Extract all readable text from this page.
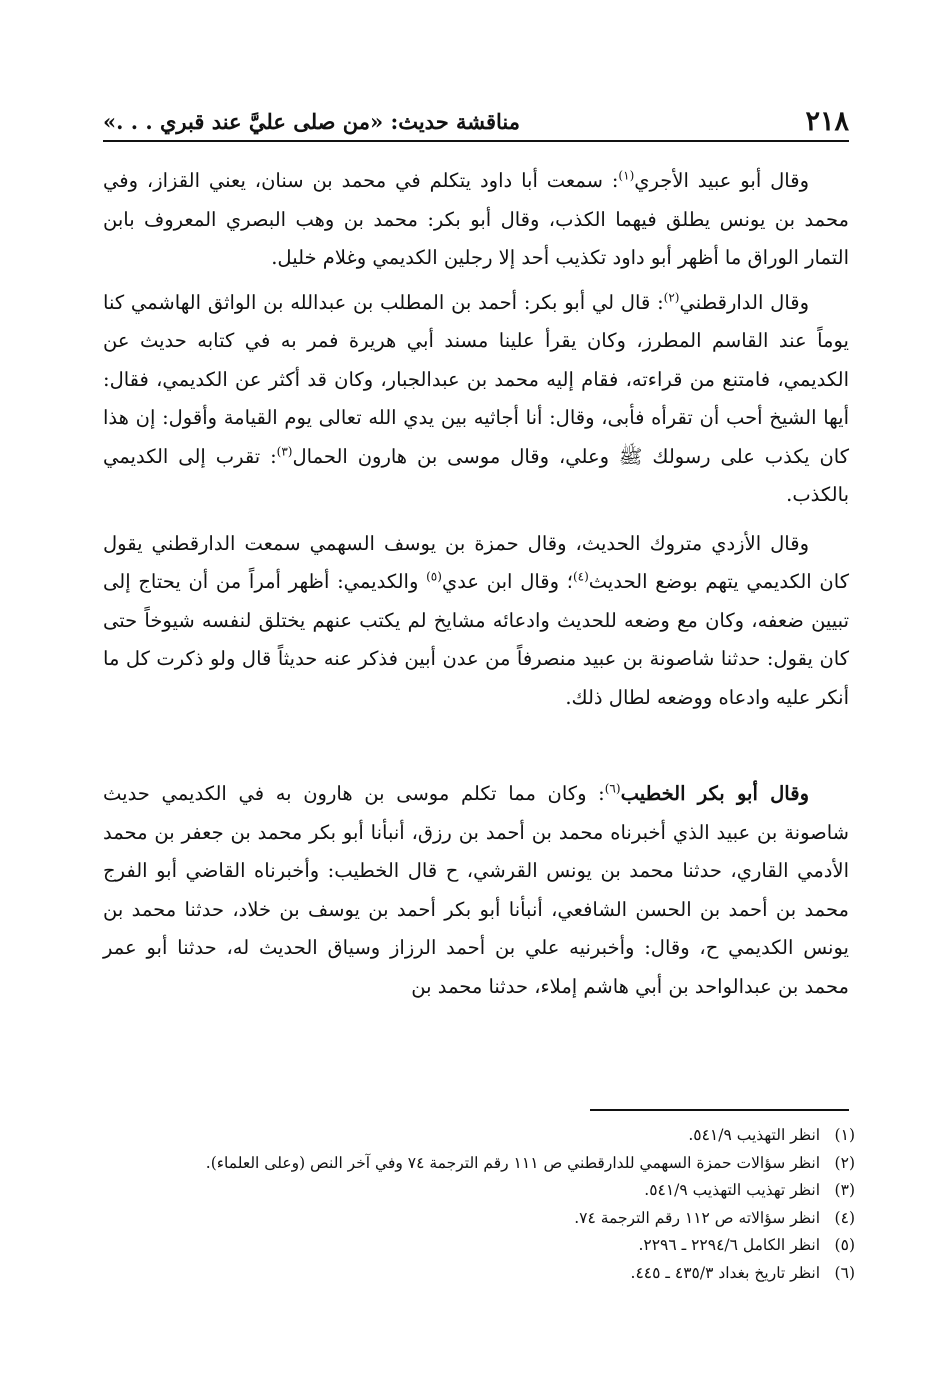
٢١٨
مناقشة حديث: «من صلى عليَّ عند قبري . . .»

وقال أبو عبيد الأجري$^{(١)}$: سمعت أبا داود يتكلم في محمد بن سنان، يعني القزاز، وفي محمد بن يونس يطلق فيهما الكذب، وقال أبو بكر: محمد بن وهب البصري المعروف بابن التمار الوراق ما أظهر أبو داود تكذيب أحد إلا رجلين الكديمي وغلام خليل.

وقال الدارقطني$^{(٢)}$: قال لي أبو بكر: أحمد بن المطلب بن عبدالله بن الواثق الهاشمي كنا يوماً عند القاسم المطرز، وكان يقرأ علينا مسند أبي هريرة فمر به في كتابه حديث عن الكديمي، فامتنع من قراءته، فقام إليه محمد بن عبدالجبار، وكان قد أكثر عن الكديمي، فقال: أيها الشيخ أحب أن تقرأه فأبى، وقال: أنا أجاثيه بين يدي الله تعالى يوم القيامة وأقول: إن هذا كان يكذب على رسولك ﷺ وعلي، وقال موسى بن هارون الحمال$^{(٣)}$: تقرب إلى الكديمي بالكذب.

وقال الأزدي متروك الحديث، وقال حمزة بن يوسف السهمي سمعت الدارقطني يقول كان الكديمي يتهم بوضع الحديث$^{(٤)}$؛ وقال ابن عدي$^{(٥)}$ والكديمي: أظهر أمراً من أن يحتاج إلى تبيين ضعفه، وكان مع وضعه للحديث وادعائه مشايخ لم يكتب عنهم يختلق لنفسه شيوخاً حتى كان يقول: حدثنا شاصونة بن عبيد منصرفاً من عدن أبين فذكر عنه حديثاً قال ولو ذكرت كل ما أنكر عليه وادعاه ووضعه لطال ذلك.

وقال أبو بكر الخطيب$^{(٦)}$: وكان مما تكلم موسى بن هارون به في الكديمي حديث شاصونة بن عبيد الذي أخبرناه محمد بن أحمد بن رزق، أنبأنا أبو بكر محمد بن جعفر بن محمد الأدمي القاري، حدثنا محمد بن يونس القرشي، ح قال الخطيب: وأخبرناه القاضي أبو الفرج محمد بن أحمد بن الحسن الشافعي، أنبأنا أبو بكر أحمد بن يوسف بن خلاد، حدثنا محمد بن يونس الكديمي ح، وقال: وأخبرنيه علي بن أحمد الرزاز وسياق الحديث له، حدثنا أبو عمر محمد بن عبدالواحد بن أبي هاشم إملاء، حدثنا محمد بن

(١) انظر التهذيب ٥٤١/٩.
(٢) انظر سؤالات حمزة السهمي للدارقطني ص ١١١ رقم الترجمة ٧٤ وفي آخر النص (وعلى العلماء).
(٣) انظر تهذيب التهذيب ٥٤١/٩.
(٤) انظر سؤالاته ص ١١٢ رقم الترجمة ٧٤.
(٥) انظر الكامل ٢٢٩٤/٦ ـ ٢٢٩٦.
(٦) انظر تاريخ بغداد ٤٣٥/٣ ـ ٤٤٥.
